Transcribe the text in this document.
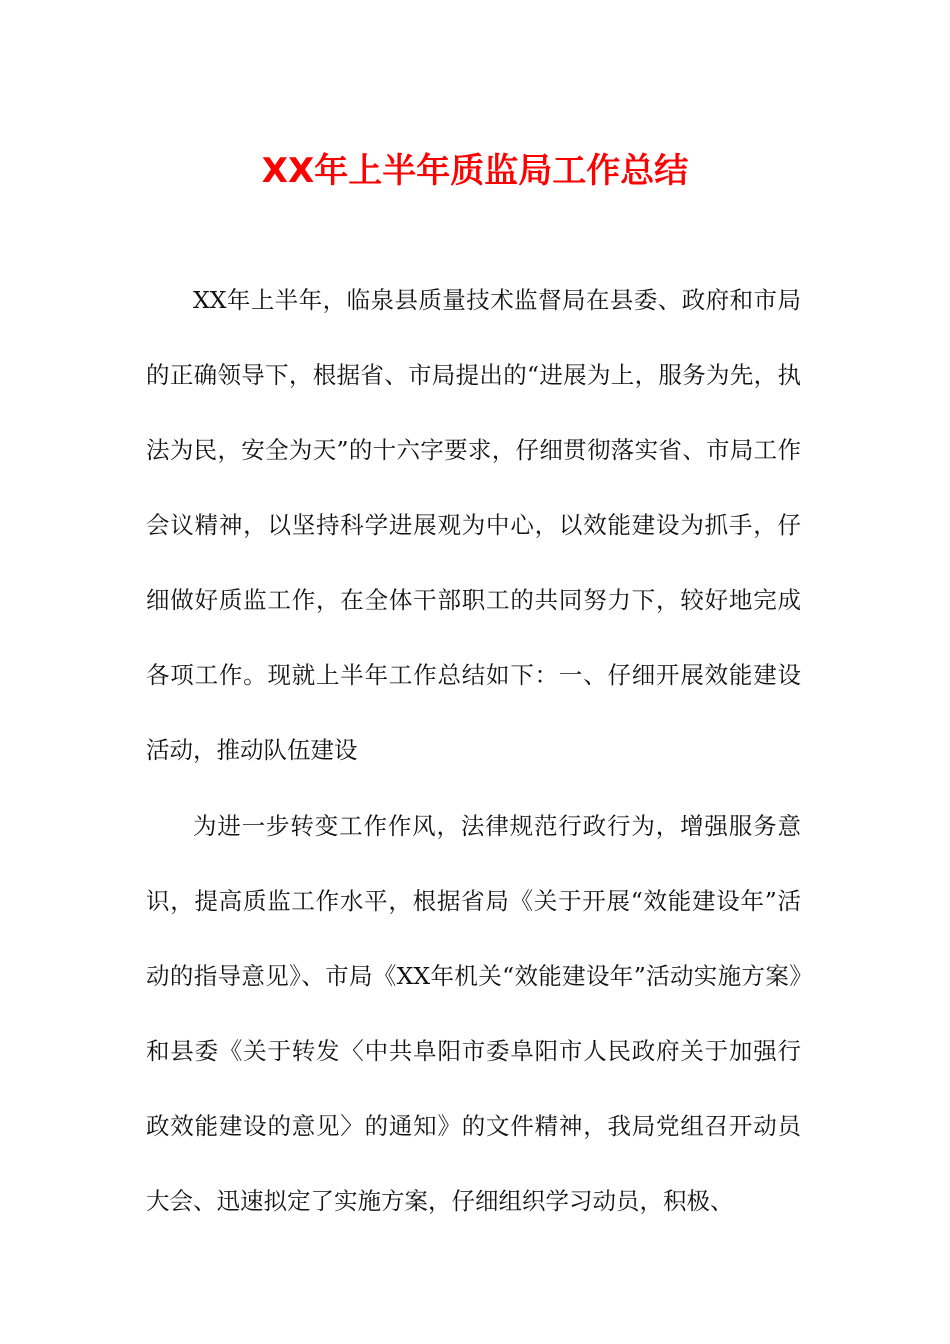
XX年上半年质监局工作总结

XX年上半年，临泉县质量技术监督局在县委、政府和市局的正确领导下，根据省、市局提出的“进展为上，服务为先，执法为民，安全为天”的十六字要求，仔细贯彻落实省、市局工作会议精神，以坚持科学进展观为中心，以效能建设为抓手，仔细做好质监工作，在全体干部职工的共同努力下，较好地完成各项工作。现就上半年工作总结如下：一、仔细开展效能建设活动，推动队伍建设

为进一步转变工作作风，法律规范行政行为，增强服务意识，提高质监工作水平，根据省局《关于开展“效能建设年”活动的指导意见》、市局《XX年机关“效能建设年”活动实施方案》和县委《关于转发〈中共阜阳市委阜阳市人民政府关于加强行政效能建设的意见〉的通知》的文件精神，我局党组召开动员大会、迅速拟定了实施方案，仔细组织学习动员，积极、
